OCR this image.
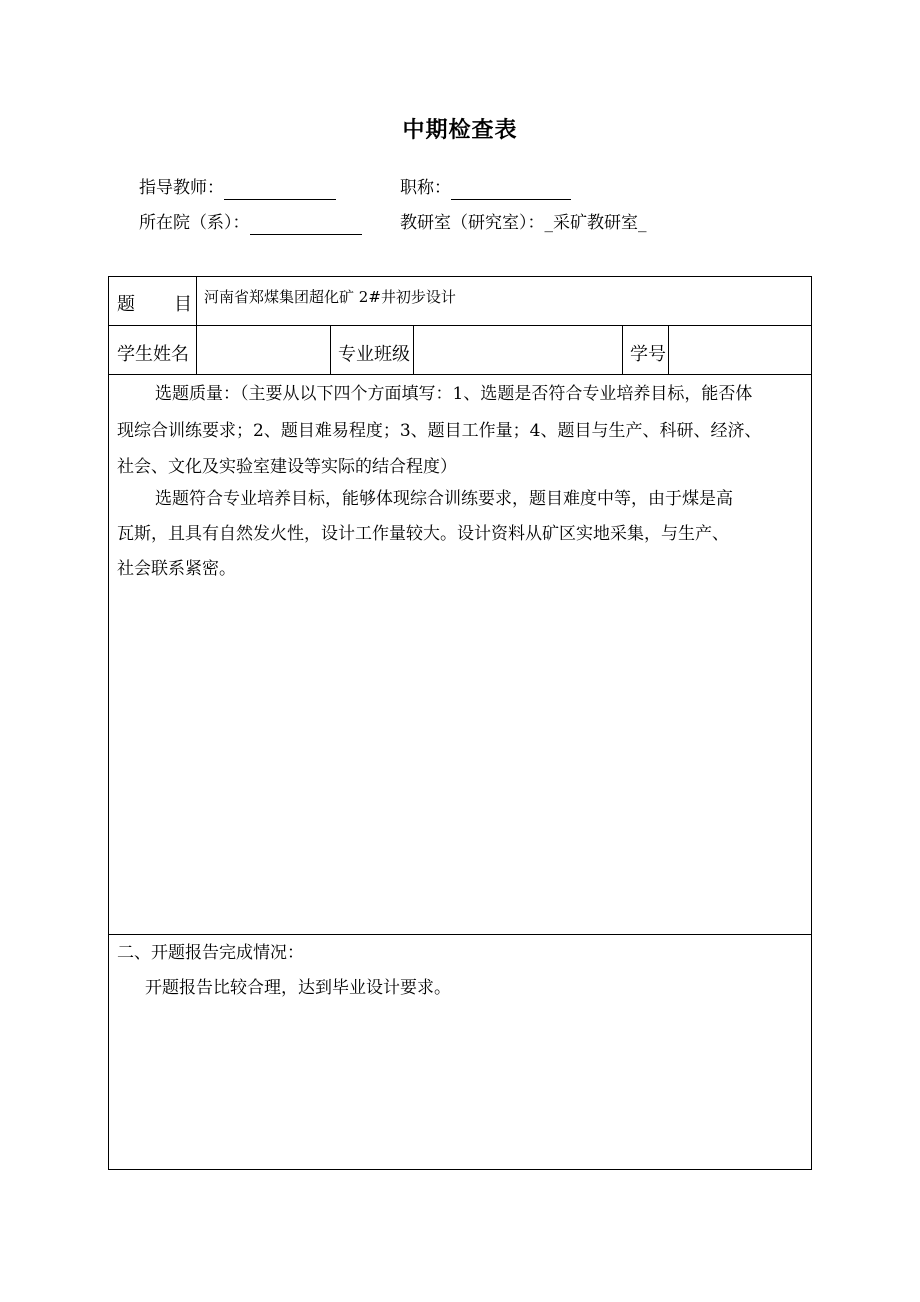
中期检查表
指导教师：	职称：
所在院（系）：	教研室（研究室）：_采矿教研室_
题 目 河南省郑煤集团超化矿 2#井初步设计
学生姓名	专业班级	学号
选题质量：（主要从以下四个方面填写：1、选题是否符合专业培养目标，能否体
现综合训练要求；2、题目难易程度；3、题目工作量；4、题目与生产、科研、经济、
社会、文化及实验室建设等实际的结合程度）
选题符合专业培养目标，能够体现综合训练要求，题目难度中等，由于煤是高
瓦斯，且具有自然发火性，设计工作量较大。设计资料从矿区实地采集，与生产、
社会联系紧密。
二、开题报告完成情况：
开题报告比较合理，达到毕业设计要求。
